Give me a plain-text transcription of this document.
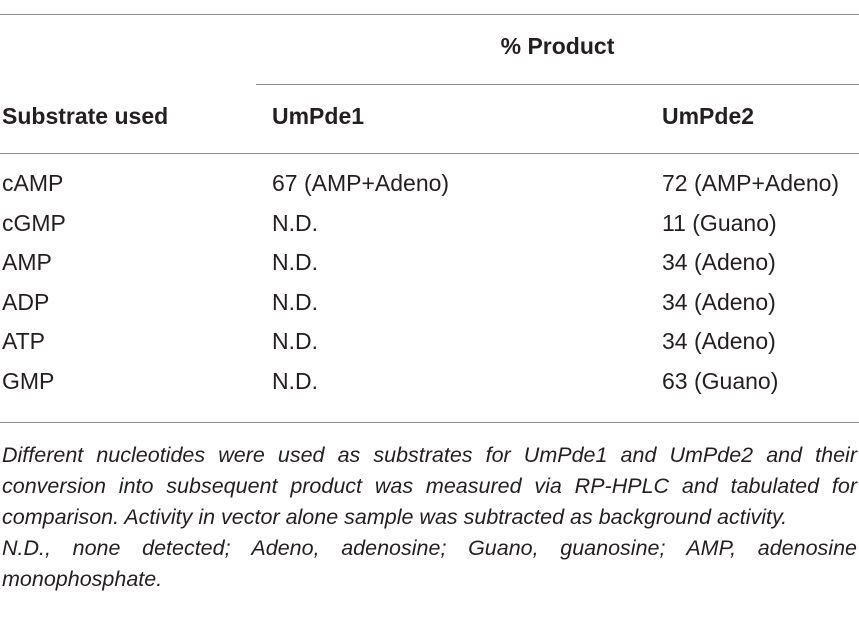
% Product
Substrate used	UmPde1	UmPde2
cAMP	67 (AMP+Adeno)	72 (AMP+Adeno)
cGMP	N.D.	11 (Guano)
AMP	N.D.	34 (Adeno)
ADP	N.D.	34 (Adeno)
ATP	N.D.	34 (Adeno)
GMP	N.D.	63 (Guano)

Different nucleotides were used as substrates for UmPde1 and UmPde2 and their conversion into subsequent product was measured via RP-HPLC and tabulated for comparison. Activity in vector alone sample was subtracted as background activity.

N.D., none detected; Adeno, adenosine; Guano, guanosine; AMP, adenosine monophosphate.
